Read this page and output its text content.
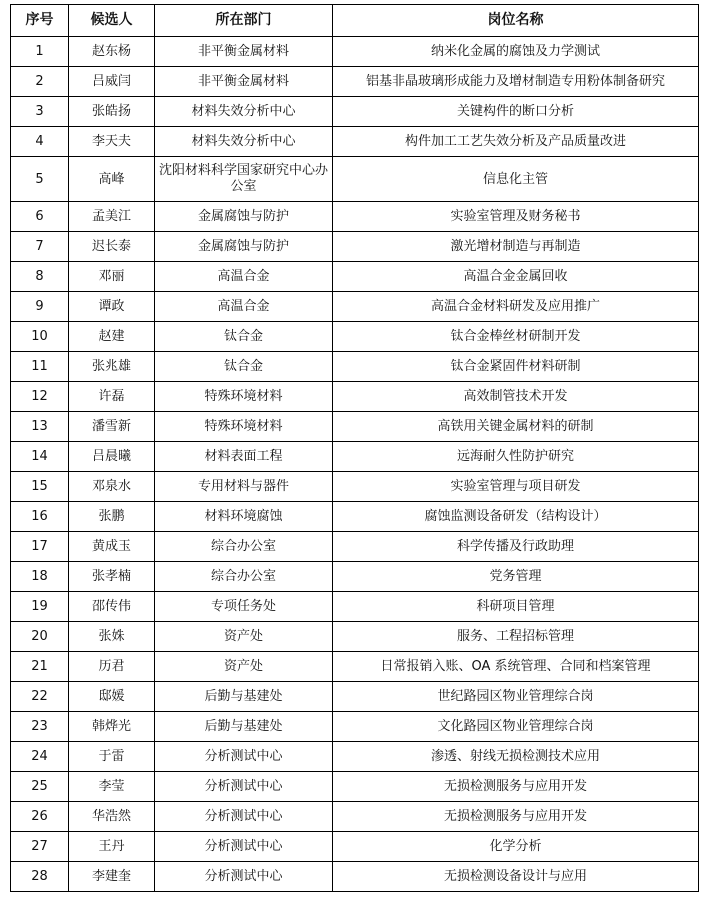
序号	候选人	所在部门	岗位名称
1	赵东杨	非平衡金属材料	纳米化金属的腐蚀及力学测试
2	吕威闫	非平衡金属材料	铝基非晶玻璃形成能力及增材制造专用粉体制备研究
3	张皓扬	材料失效分析中心	关键构件的断口分析
4	李天夫	材料失效分析中心	构件加工工艺失效分析及产品质量改进
5	高峰	沈阳材料科学国家研究中心办公室	信息化主管
6	孟美江	金属腐蚀与防护	实验室管理及财务秘书
7	迟长泰	金属腐蚀与防护	激光增材制造与再制造
8	邓丽	高温合金	高温合金金属回收
9	谭政	高温合金	高温合金材料研发及应用推广
10	赵建	钛合金	钛合金棒丝材研制开发
11	张兆雄	钛合金	钛合金紧固件材料研制
12	许磊	特殊环境材料	高效制管技术开发
13	潘雪新	特殊环境材料	高铁用关键金属材料的研制
14	吕晨曦	材料表面工程	远海耐久性防护研究
15	邓泉水	专用材料与器件	实验室管理与项目研发
16	张鹏	材料环境腐蚀	腐蚀监测设备研发（结构设计）
17	黄成玉	综合办公室	科学传播及行政助理
18	张孝楠	综合办公室	党务管理
19	邵传伟	专项任务处	科研项目管理
20	张姝	资产处	服务、工程招标管理
21	历君	资产处	日常报销入账、OA 系统管理、合同和档案管理
22	邸媛	后勤与基建处	世纪路园区物业管理综合岗
23	韩烨光	后勤与基建处	文化路园区物业管理综合岗
24	于雷	分析测试中心	渗透、射线无损检测技术应用
25	李莹	分析测试中心	无损检测服务与应用开发
26	华浩然	分析测试中心	无损检测服务与应用开发
27	王丹	分析测试中心	化学分析
28	李建奎	分析测试中心	无损检测设备设计与应用
